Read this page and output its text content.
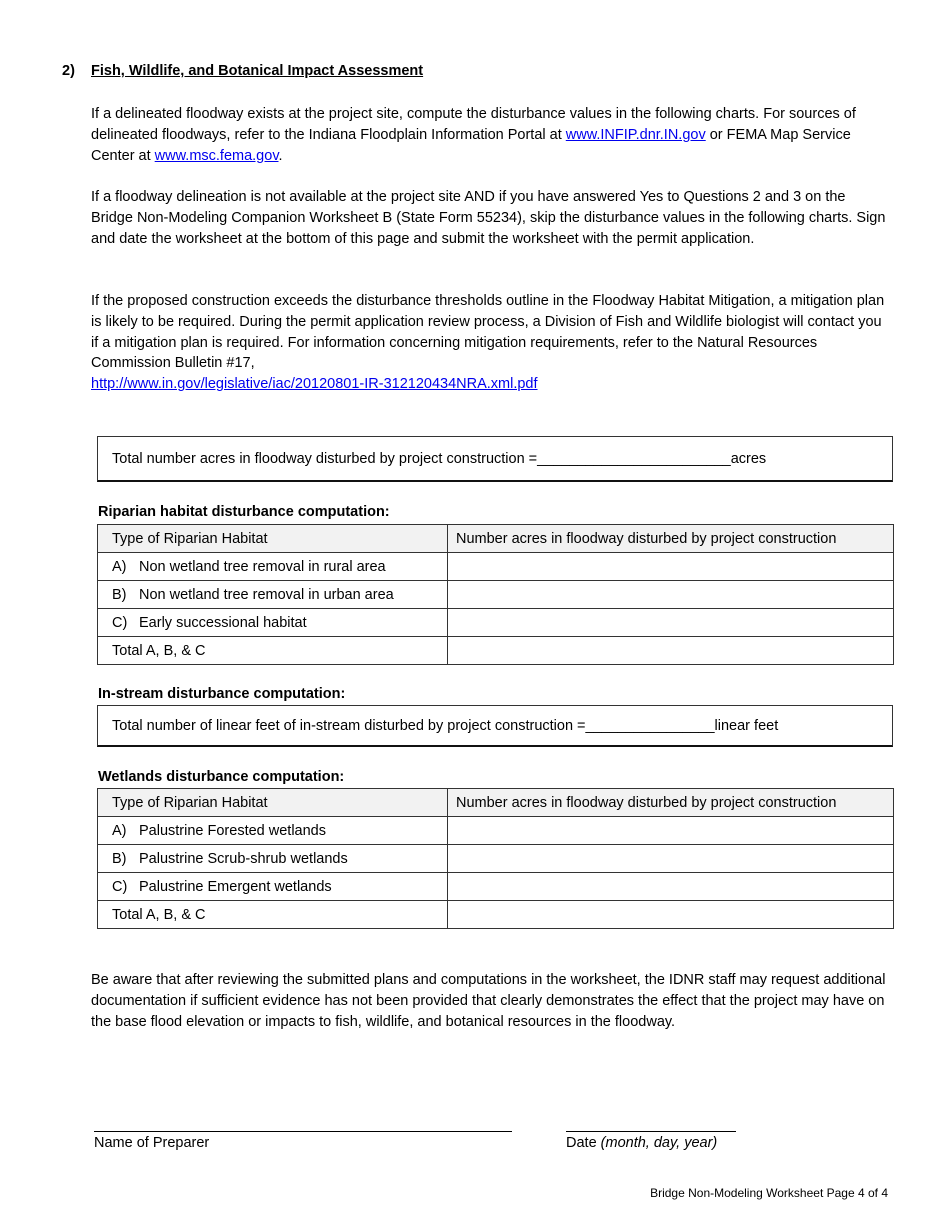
2) Fish, Wildlife, and Botanical Impact Assessment
If a delineated floodway exists at the project site, compute the disturbance values in the following charts. For sources of delineated floodways, refer to the Indiana Floodplain Information Portal at www.INFIP.dnr.IN.gov or FEMA Map Service Center at www.msc.fema.gov.
If a floodway delineation is not available at the project site AND if you have answered Yes to Questions 2 and 3 on the Bridge Non-Modeling Companion Worksheet B (State Form 55234), skip the disturbance values in the following charts. Sign and date the worksheet at the bottom of this page and submit the worksheet with the permit application.
If the proposed construction exceeds the disturbance thresholds outline in the Floodway Habitat Mitigation, a mitigation plan is likely to be required. During the permit application review process, a Division of Fish and Wildlife biologist will contact you if a mitigation plan is required. For information concerning mitigation requirements, refer to the Natural Resources Commission Bulletin #17,
http://www.in.gov/legislative/iac/20120801-IR-312120434NRA.xml.pdf
Total number acres in floodway disturbed by project construction = ________________________ acres
Riparian habitat disturbance computation:
Type of Riparian Habitat	Number acres in floodway disturbed by project construction
A) Non wetland tree removal in rural area	
B) Non wetland tree removal in urban area	
C) Early successional habitat	
Total A, B, & C	
In-stream disturbance computation:
Total number of linear feet of in-stream disturbed by project construction = ________________ linear feet
Wetlands disturbance computation:
Type of Riparian Habitat	Number acres in floodway disturbed by project construction
A) Palustrine Forested wetlands	
B) Palustrine Scrub-shrub wetlands	
C) Palustrine Emergent wetlands	
Total A, B, & C	
Be aware that after reviewing the submitted plans and computations in the worksheet, the IDNR staff may request additional documentation if sufficient evidence has not been provided that clearly demonstrates the effect that the project may have on the base flood elevation or impacts to fish, wildlife, and botanical resources in the floodway.
Name of Preparer	Date (month, day, year)
Bridge Non-Modeling Worksheet Page 4 of 4
